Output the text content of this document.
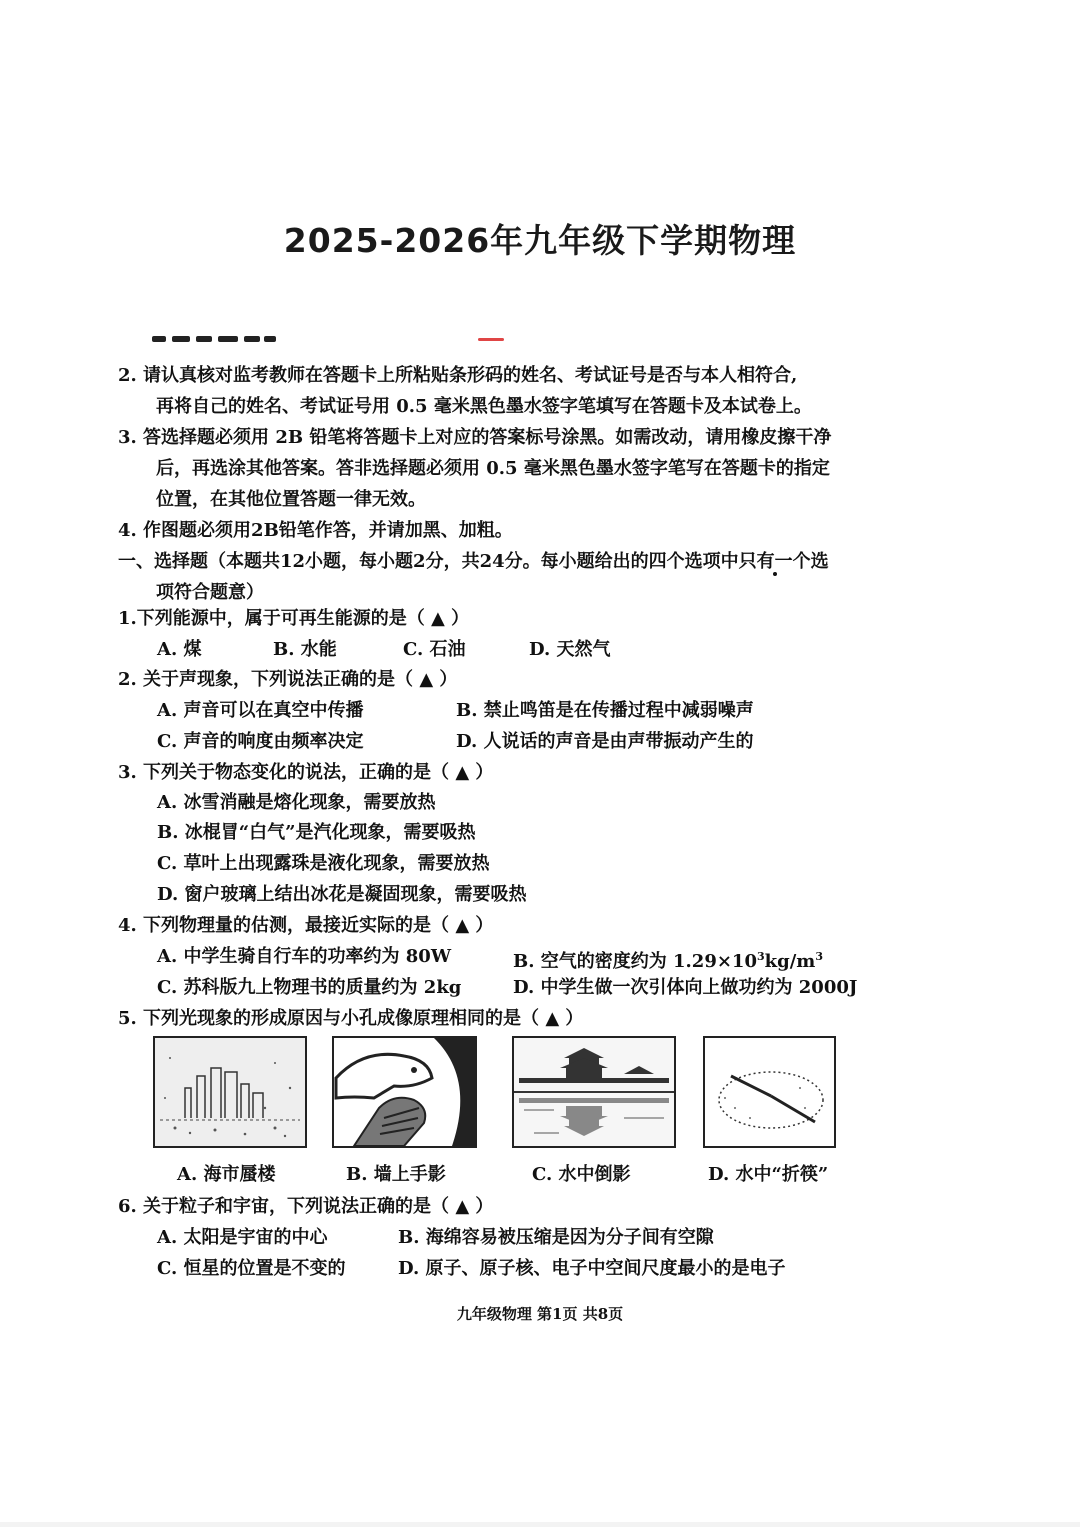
2025-2026年九年级下学期物理
2. 请认真核对监考教师在答题卡上所粘贴条形码的姓名、考试证号是否与本人相符合,
再将自己的姓名、考试证号用 0.5 毫米黑色墨水签字笔填写在答题卡及本试卷上。
3. 答选择题必须用 2B 铅笔将答题卡上对应的答案标号涂黑。如需改动，请用橡皮擦干净
后，再选涂其他答案。答非选择题必须用 0.5 毫米黑色墨水签字笔写在答题卡的指定
位置，在其他位置答题一律无效。
4. 作图题必须用2B铅笔作答，并请加黑、加粗。
一、选择题（本题共12小题，每小题2分，共24分。每小题给出的四个选项中只有一个选
项符合题意）
1.下列能源中，属于可再生能源的是（ ▲ ）
A. 煤	B. 水能	C. 石油	D. 天然气
2. 关于声现象，下列说法正确的是（ ▲ ）
A. 声音可以在真空中传播	B. 禁止鸣笛是在传播过程中减弱噪声
C. 声音的响度由频率决定	D. 人说话的声音是由声带振动产生的
3. 下列关于物态变化的说法，正确的是（ ▲ ）
A. 冰雪消融是熔化现象，需要放热
B. 冰棍冒“白气”是汽化现象，需要吸热
C. 草叶上出现露珠是液化现象，需要放热
D. 窗户玻璃上结出冰花是凝固现象，需要吸热
4. 下列物理量的估测，最接近实际的是（ ▲ ）
A. 中学生骑自行车的功率约为 80W	B. 空气的密度约为 $1.29\times 10^3kg/m^3$
C. 苏科版九上物理书的质量约为 2kg	D. 中学生做一次引体向上做功约为 2000J
5. 下列光现象的形成原因与小孔成像原理相同的是（ ▲ ）
A. 海市蜃楼	B. 墙上手影	C. 水中倒影	D. 水中“折筷”
6. 关于粒子和宇宙，下列说法正确的是（ ▲ ）
A. 太阳是宇宙的中心	B. 海绵容易被压缩是因为分子间有空隙
C. 恒星的位置是不变的	D. 原子、原子核、电子中空间尺度最小的是电子
九年级物理 第1页 共8页
